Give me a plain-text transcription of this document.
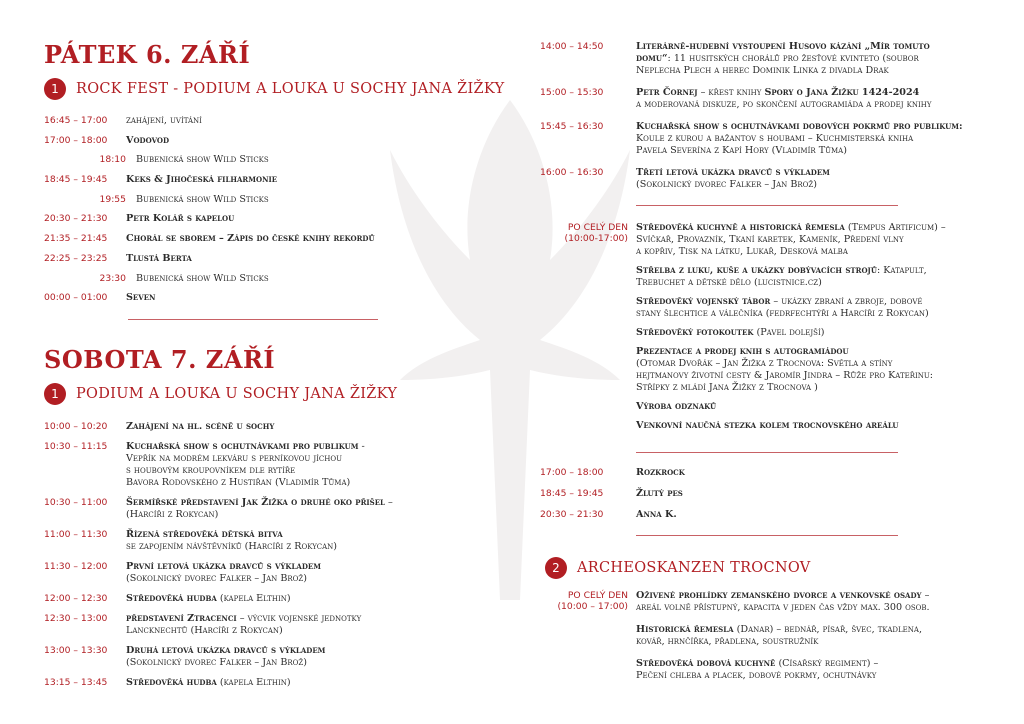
PÁTEK 6. ZÁŘÍ
1	ROCK FEST - PODIUM A LOUKA U SOCHY JANA ŽIŽKY
16:45 – 17:00	zahájení, uvítání
17:00 – 18:00	Vodovod
18:10	Bubenická show Wild Sticks
18:45 – 19:45	Keks & Jihočeská filharmonie
19:55	Bubenická show Wild Sticks
20:30 – 21:30	Petr Kolář s kapelou
21:35 – 21:45	Chorál se sborem – Zápis do české knihy rekordů
22:25 – 23:25	Tlustá Berta
23:30	Bubenická show Wild Sticks
00:00 – 01:00	Seven
SOBOTA 7. ZÁŘÍ
1	PODIUM A LOUKA U SOCHY JANA ŽIŽKY
10:00 – 10:20	Zahájení na hl. scéně u sochy
10:30 – 11:15	Kuchařská show s ochutnávkami pro publikum -
Vepřík na modrém lekváru s perníkovou jíchou
s houbovým kroupovníkem dle rytíře
Bavora Rodovského z Hustiřan (Vladimír Tůma)
10:30 – 11:00	Šermířské představení Jak Žižka o druhé oko přišel –
(Harcíři z Rokycan)
11:00 – 11:30	Řízená středověká dětská bitva
se zapojením návštěvníků (Harcíři z Rokycan)
11:30 – 12:00	První letová ukázka dravců s výkladem
(Sokolnický dvorec Falker – Jan Brož)
12:00 – 12:30	Středověká hudba (kapela Elthin)
12:30 – 13:00	představení Ztracenci – výcvik vojenské jednotky
Lancknechtů (Harcíři z Rokycan)
13:00 – 13:30	Druhá letová ukázka dravců s výkladem
(Sokolnický dvorec Falker – Jan Brož)
13:15 – 13:45	Středověká hudba (kapela Elthin)
14:00 – 14:50	Literárně-hudební vystoupení Husovo kázání „Mír tomuto
domu“: 11 husitských chorálů pro žesťové kvinteto (soubor
Neplecha Plech a herec Dominik Linka z divadla Drak
15:00 – 15:30	Petr Čornej – křest knihy Spory o Jana Žižku 1424-2024
a moderovaná diskuze, po skončení autogramiáda a prodej knihy
15:45 – 16:30	Kuchařská show s ochutnávkami dobových pokrmů pro publikum:
Koule z kurou a bažantov s houbami – Kuchmisterská kniha
Pavela Severína z Kapí Hory (Vladimír Tůma)
16:00 – 16:30	Třetí letová ukázka dravců s výkladem
(Sokolnický dvorec Falker – Jan Brož)
PO CELÝ DEN
(10:00-17:00)
Středověká kuchyně a historická řemesla (Tempus Artificum) –
Svíčkař, Provazník, Tkaní karetek, Kameník, Předení vlny
a kopřiv, Tisk na látku, Lukař, Desková malba
Střelba z luku, kuše a ukázky dobývacích strojů: Katapult,
Trebuchet a dětské dělo (lucistnice.cz)
Středověký vojenský tábor – ukázky zbraní a zbroje, dobové
stany šlechtice a válečníka (fedrfechtýři a Harcíři z Rokycan)
Středověký fotokoutek (Pavel dolejší)
Prezentace a prodej knih s autogramiádou
(Otomar Dvořák – Jan Žižka z Trocnova: Světla a stíny
hejtmanovy životní cesty & Jaromír Jindra – Růže pro Kateřinu:
Střípky z mládí Jana Žižky z Trocnova )
Výroba odznaků
Venkovní naučná stezka kolem trocnovského areálu
17:00 – 18:00	Rozkrock
18:45 – 19:45	Žlutý pes
20:30 – 21:30	Anna K.
2	ARCHEOSKANZEN TROCNOV
PO CELÝ DEN
(10:00 – 17:00)
Oživené prohlídky zemanského dvorce a venkovské osady –
areál volně přístupný, kapacita v jeden čas vždy max. 300 osob.
Historická řemesla (Danar) – bednář, písař, švec, tkadlena,
kovář, hrnčířka, přadlena, soustružník
Středověká dobová kuchyně (Císařský regiment) –
Pečení chleba a placek, dobové pokrmy, ochutnávky
